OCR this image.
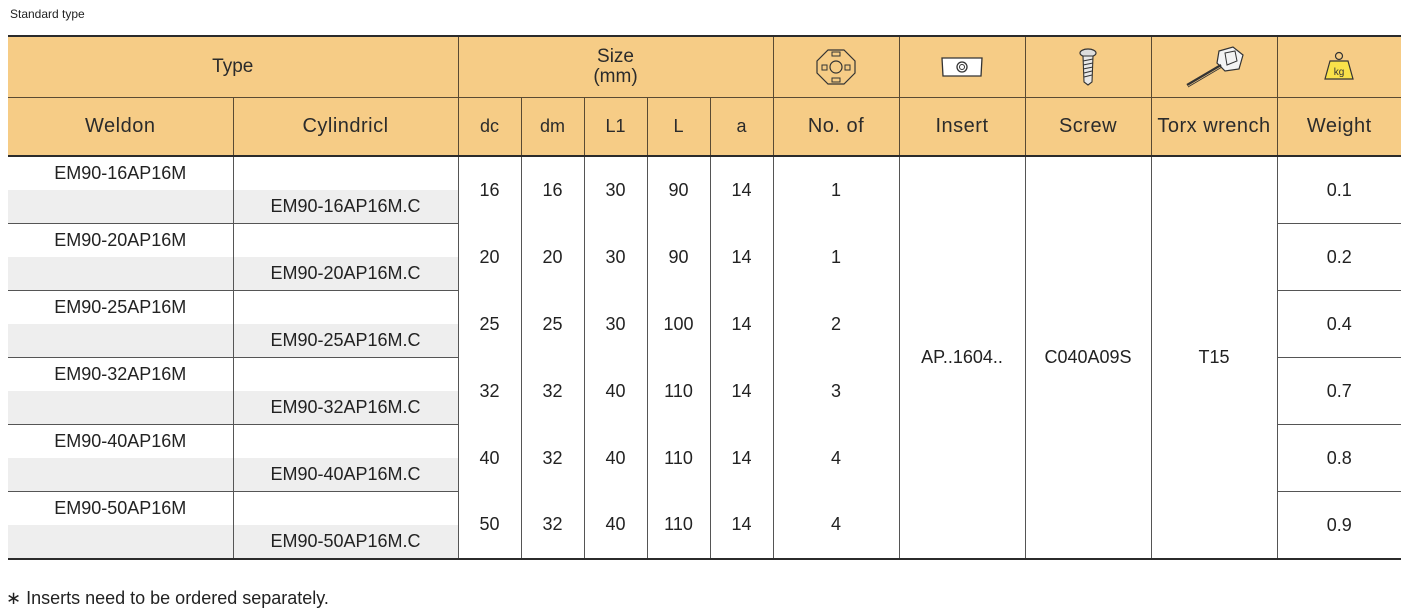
Standard type
Type		Size
(mm)									kg

Weldon	Cylindricl	dc	dm	L1	L	a	No. of	Insert	Screw	Torx wrench	Weight
EM90-16AP16M		16	16	30	90	14	1	AP..1604..	C040A09S	T15	0.1
	EM90-16AP16M.C										
EM90-20AP16M		20	20	30	90	14	1				0.2
	EM90-20AP16M.C										
EM90-25AP16M		25	25	30	100	14	2				0.4
	EM90-25AP16M.C										
EM90-32AP16M		32	32	40	110	14	3				0.7
	EM90-32AP16M.C										
EM90-40AP16M		40	32	40	110	14	4				0.8
	EM90-40AP16M.C										
EM90-50AP16M		50	32	40	110	14	4				0.9
	EM90-50AP16M.C										
∗ Inserts need to be ordered separately.
